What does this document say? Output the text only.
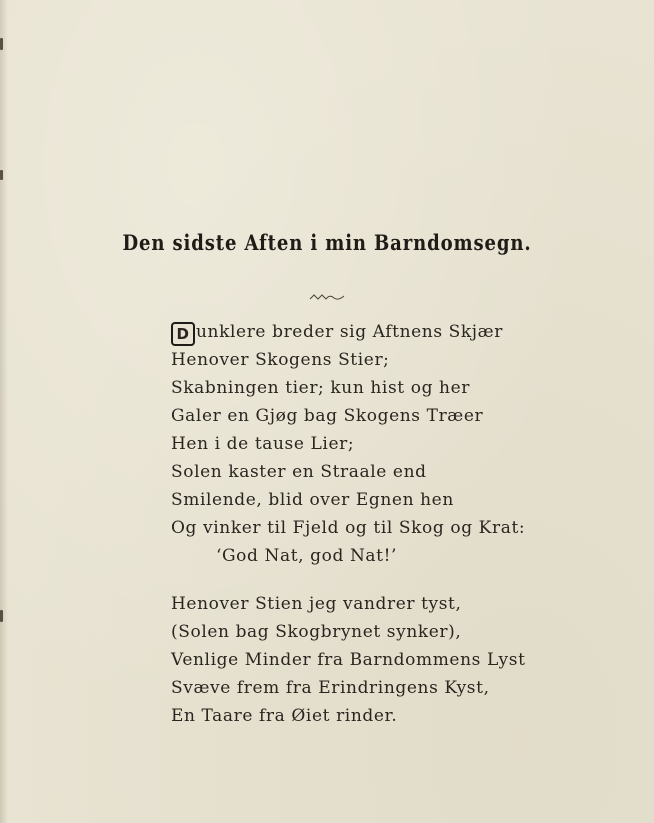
Den sidste Aften i min Barndomsegn.
D unklere breder sig Aftnens Skjær
Henover Skogens Stier;
Skabningen tier; kun hist og her
Galer en Gjøg bag Skogens Træer
Hen i de tause Lier;
Solen kaster en Straale end
Smilende, blid over Egnen hen
Og vinker til Fjeld og til Skog og Krat:
‘God Nat, god Nat!’
Henover Stien jeg vandrer tyst,
(Solen bag Skogbrynet synker),
Venlige Minder fra Barndommens Lyst
Svæve frem fra Erindringens Kyst,
En Taare fra Øiet rinder.
